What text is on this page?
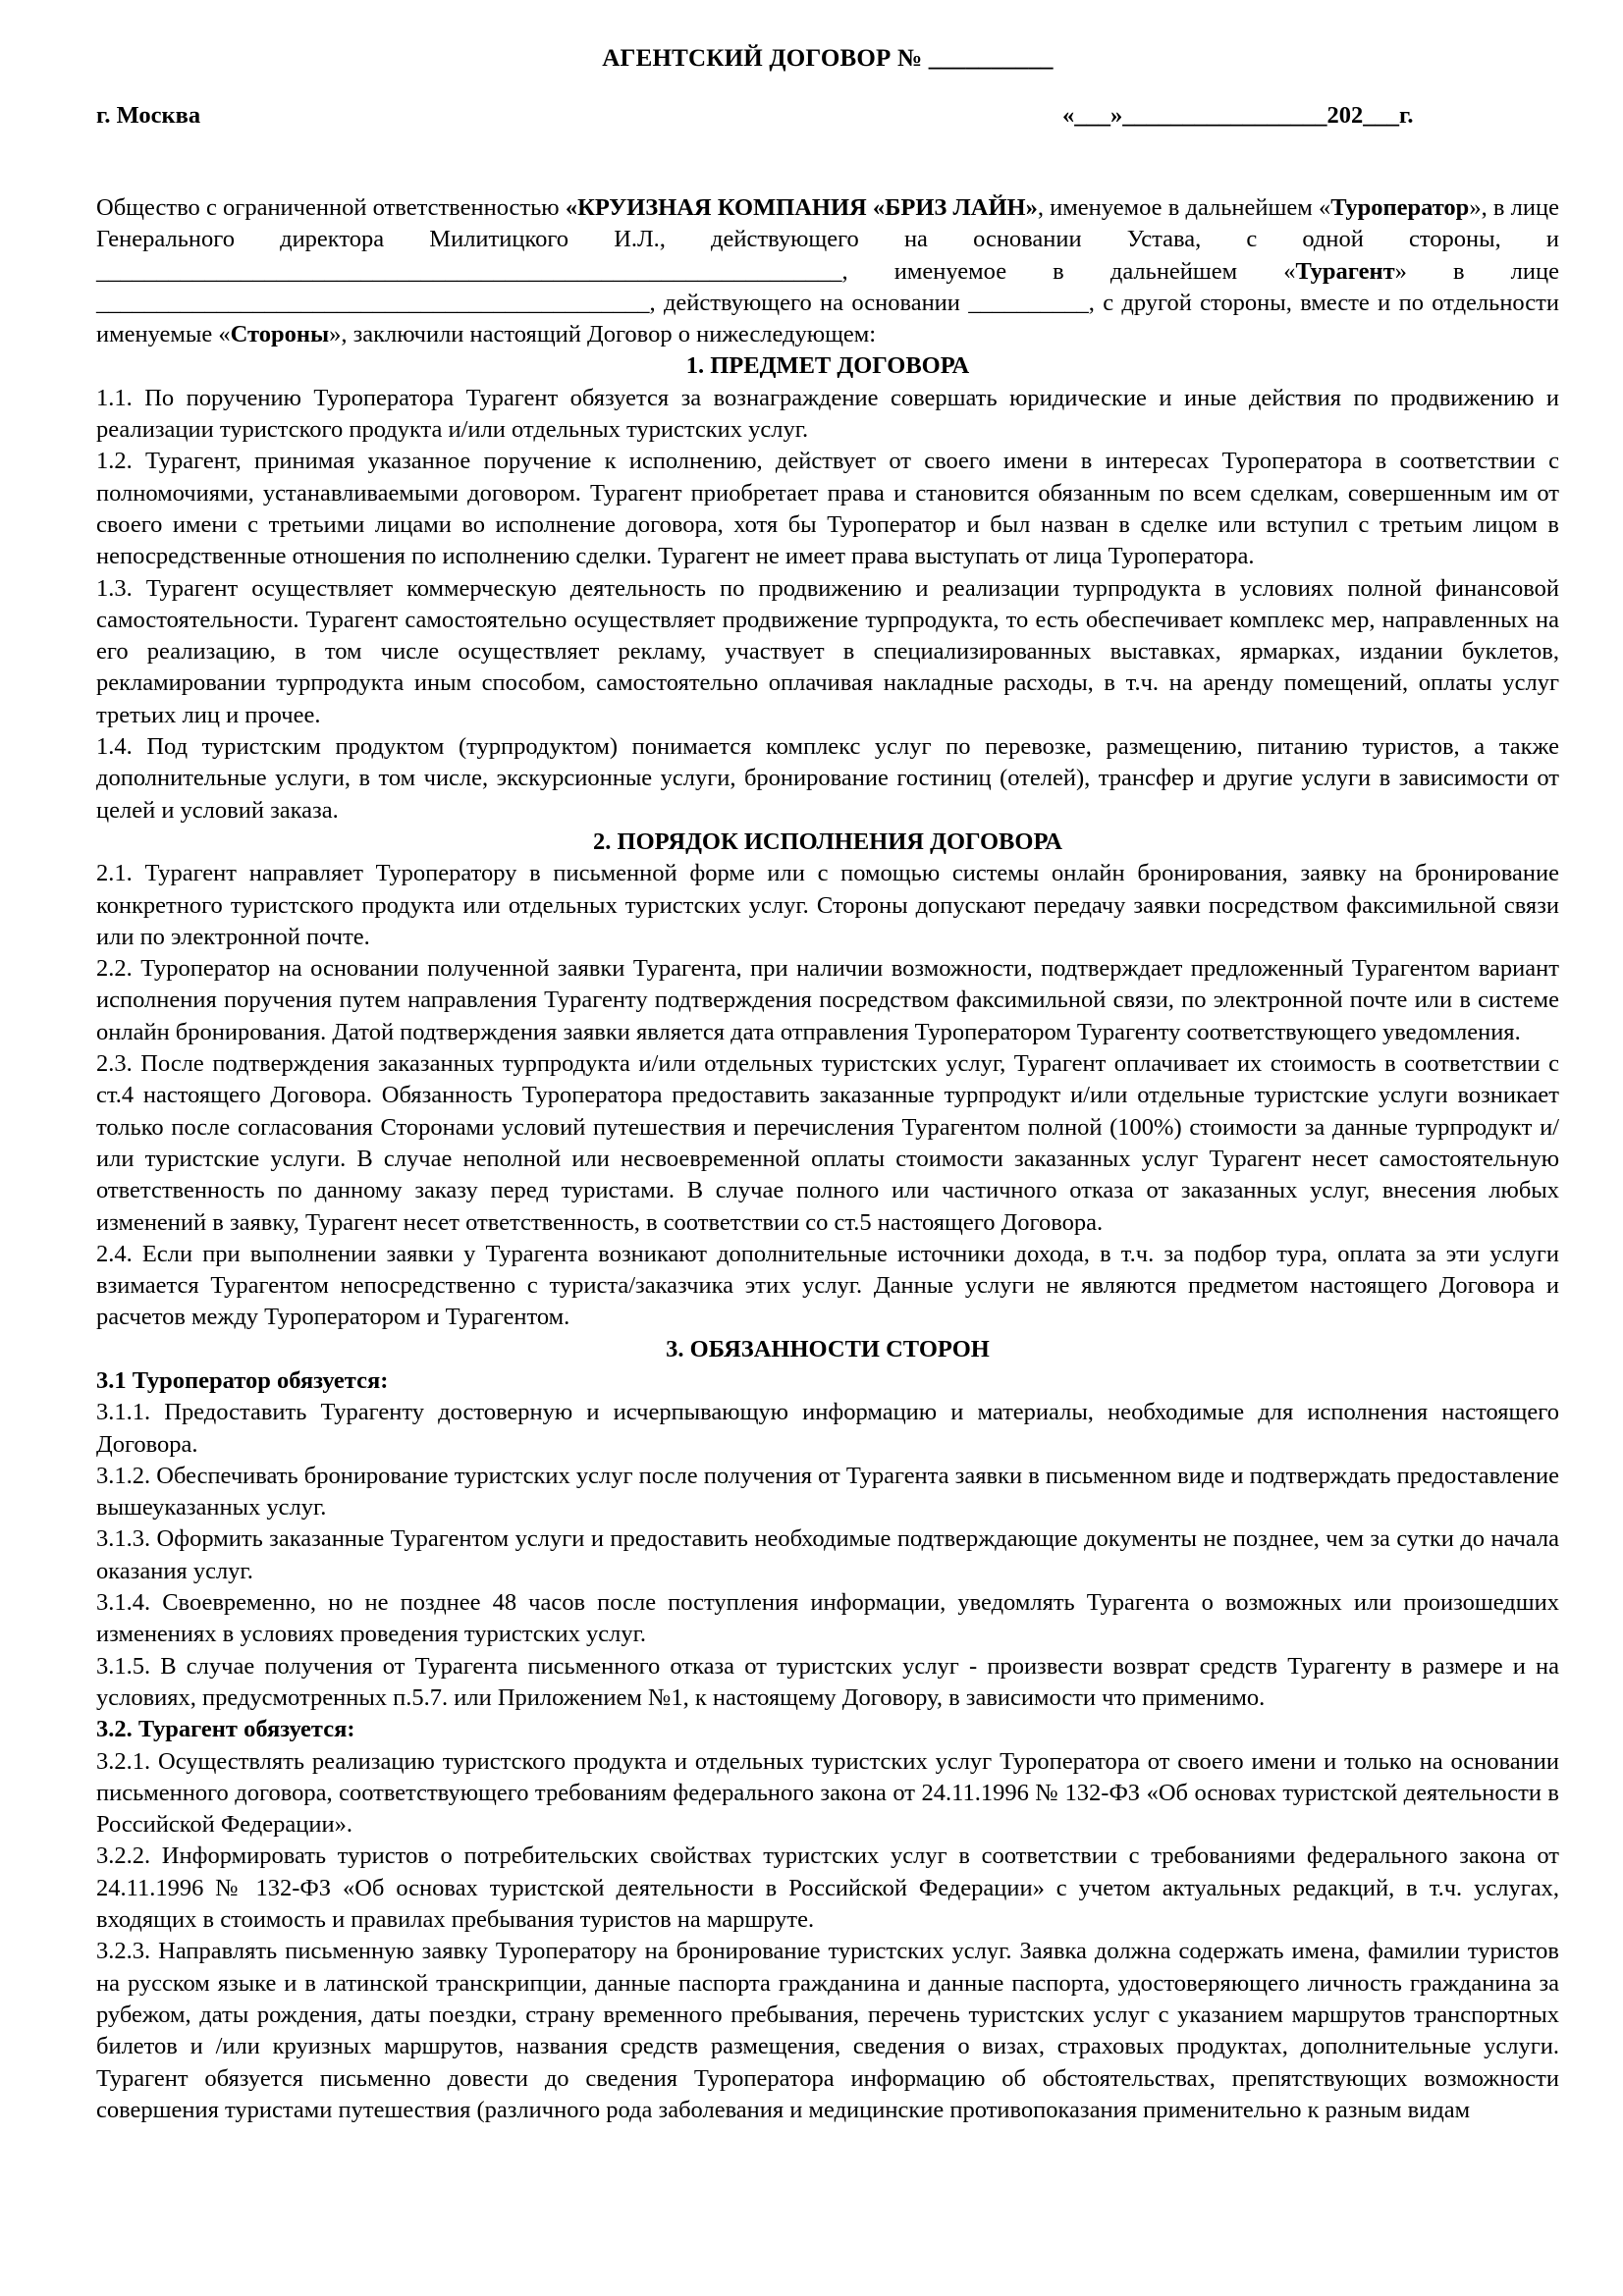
АГЕНТСКИЙ ДОГОВОР № __________
г. Москва	«___»_________________202___г.

Общество с ограниченной ответственностью «КРУИЗНАЯ КОМПАНИЯ «БРИЗ ЛАЙН», именуемое в дальнейшем «Туроператор», в лице Генерального директора Милитицкого И.Л., действующего на основании Устава, с одной стороны, и ______________________________________________________________, именуемое в дальнейшем «Турагент» в лице ______________________________________________, действующего на основании __________, с другой стороны, вместе и по отдельности именуемые «Стороны», заключили настоящий Договор о нижеследующем:

1. ПРЕДМЕТ ДОГОВОРА

1.1. По поручению Туроператора Турагент обязуется за вознаграждение совершать юридические и иные действия по продвижению и реализации туристского продукта и/или отдельных туристских услуг.

1.2. Турагент, принимая указанное поручение к исполнению, действует от своего имени в интересах Туроператора в соответствии с полномочиями, устанавливаемыми договором. Турагент приобретает права и становится обязанным по всем сделкам, совершенным им от своего имени с третьими лицами во исполнение договора, хотя бы Туроператор и был назван в сделке или вступил с третьим лицом в непосредственные отношения по исполнению сделки. Турагент не имеет права выступать от лица Туроператора.

1.3. Турагент осуществляет коммерческую деятельность по продвижению и реализации турпродукта в условиях полной финансовой самостоятельности. Турагент самостоятельно осуществляет продвижение турпродукта, то есть обеспечивает комплекс мер, направленных на его реализацию, в том числе осуществляет рекламу, участвует в специализированных выставках, ярмарках, издании буклетов, рекламировании турпродукта иным способом, самостоятельно оплачивая накладные расходы, в т.ч. на аренду помещений, оплаты услуг третьих лиц и прочее.

1.4. Под туристским продуктом (турпродуктом) понимается комплекс услуг по перевозке, размещению, питанию туристов, а также дополнительные услуги, в том числе, экскурсионные услуги, бронирование гостиниц (отелей), трансфер и другие услуги в зависимости от целей и условий заказа.

2. ПОРЯДОК ИСПОЛНЕНИЯ ДОГОВОРА

2.1. Турагент направляет Туроператору в письменной форме или с помощью системы онлайн бронирования, заявку на бронирование конкретного туристского продукта или отдельных туристских услуг. Стороны допускают передачу заявки посредством факсимильной связи или по электронной почте.

2.2. Туроператор на основании полученной заявки Турагента, при наличии возможности, подтверждает предложенный Турагентом вариант исполнения поручения путем направления Турагенту подтверждения посредством факсимильной связи, по электронной почте или в системе онлайн бронирования. Датой подтверждения заявки является дата отправления Туроператором Турагенту соответствующего уведомления.

2.3. После подтверждения заказанных турпродукта и/или отдельных туристских услуг, Турагент оплачивает их стоимость в соответствии с ст.4 настоящего Договора. Обязанность Туроператора предоставить заказанные турпродукт и/или отдельные туристские услуги возникает только после согласования Сторонами условий путешествия и перечисления Турагентом полной (100%) стоимости за данные турпродукт и/или туристские услуги. В случае неполной или несвоевременной оплаты стоимости заказанных услуг Турагент несет самостоятельную ответственность по данному заказу перед туристами. В случае полного или частичного отказа от заказанных услуг, внесения любых изменений в заявку, Турагент несет ответственность, в соответствии со ст.5 настоящего Договора.

2.4. Если при выполнении заявки у Турагента возникают дополнительные источники дохода, в т.ч. за подбор тура, оплата за эти услуги взимается Турагентом непосредственно с туриста/заказчика этих услуг. Данные услуги не являются предметом настоящего Договора и расчетов между Туроператором и Турагентом.

3. ОБЯЗАННОСТИ СТОРОН

3.1 Туроператор обязуется:

3.1.1. Предоставить Турагенту достоверную и исчерпывающую информацию и материалы, необходимые для исполнения настоящего Договора.

3.1.2. Обеспечивать бронирование туристских услуг после получения от Турагента заявки в письменном виде и подтверждать предоставление вышеуказанных услуг.

3.1.3. Оформить заказанные Турагентом услуги и предоставить необходимые подтверждающие документы не позднее, чем за сутки до начала оказания услуг.

3.1.4. Своевременно, но не позднее 48 часов после поступления информации, уведомлять Турагента о возможных или произошедших изменениях в условиях проведения туристских услуг.

3.1.5. В случае получения от Турагента письменного отказа от туристских услуг - произвести возврат средств Турагенту в размере и на условиях, предусмотренных п.5.7. или Приложением №1, к настоящему Договору, в зависимости что применимо.

3.2. Турагент обязуется:

3.2.1. Осуществлять реализацию туристского продукта и отдельных туристских услуг Туроператора от своего имени и только на основании письменного договора, соответствующего требованиям федерального закона от 24.11.1996 № 132-ФЗ «Об основах туристской деятельности в Российской Федерации».

3.2.2. Информировать туристов о потребительских свойствах туристских услуг в соответствии с требованиями федерального закона от 24.11.1996 № 132-ФЗ «Об основах туристской деятельности в Российской Федерации» с учетом актуальных редакций, в т.ч. услугах, входящих в стоимость и правилах пребывания туристов на маршруте.

3.2.3. Направлять письменную заявку Туроператору на бронирование туристских услуг. Заявка должна содержать имена, фамилии туристов на русском языке и в латинской транскрипции, данные паспорта гражданина и данные паспорта, удостоверяющего личность гражданина за рубежом, даты рождения, даты поездки, страну временного пребывания, перечень туристских услуг с указанием маршрутов транспортных билетов и /или круизных маршрутов, названия средств размещения, сведения о визах, страховых продуктах, дополнительные услуги. Турагент обязуется письменно довести до сведения Туроператора информацию об обстоятельствах, препятствующих возможности совершения туристами путешествия (различного рода заболевания и медицинские противопоказания применительно к разным видам
